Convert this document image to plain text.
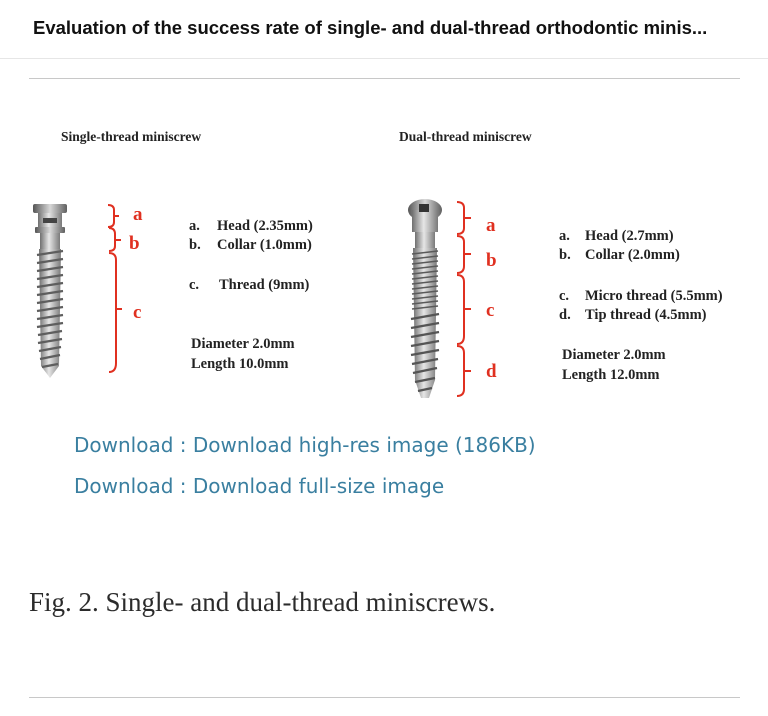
Evaluation of the success rate of single- and dual-thread orthodontic minis...
Single-thread miniscrew
a
b
c
a. Head (2.35mm)
b. Collar (1.0mm)
c. Thread (9mm)
Diameter 2.0mm
Length 10.0mm
Dual-thread miniscrew
a
b
c
d
a. Head (2.7mm)
b. Collar (2.0mm)
c. Micro thread (5.5mm)
d. Tip thread (4.5mm)
Diameter 2.0mm
Length 12.0mm
Download : Download high-res image (186KB)
Download : Download full-size image
Fig. 2. Single- and dual-thread miniscrews.
